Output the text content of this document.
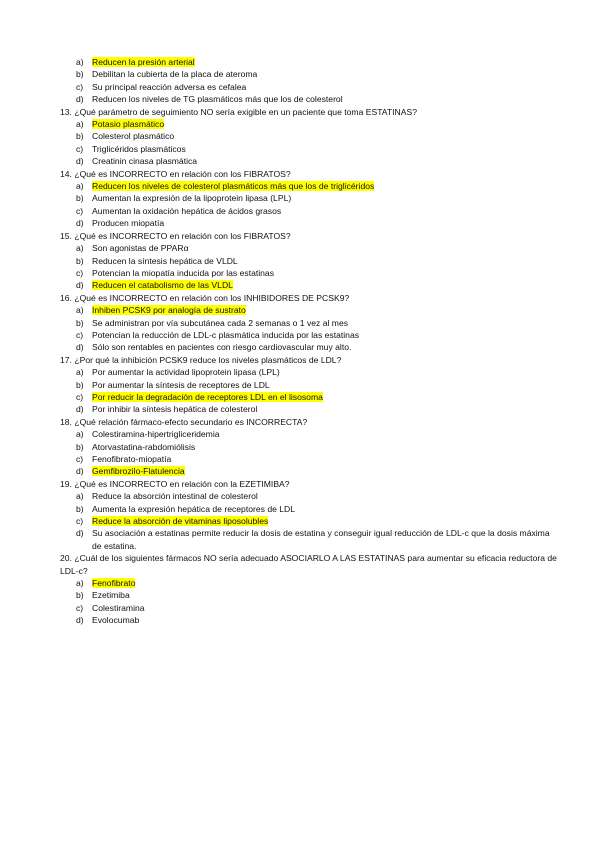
a) Reducen la presión arterial
b) Debilitan la cubierta de la placa de ateroma
c)	Su principal reacción adversa es cefalea
d) Reducen los niveles de TG plasmáticos más que los de colesterol
13. ¿Qué parámetro de seguimiento NO sería exigible en un paciente que toma ESTATINAS?
a) Potasio plasmático
b) Colesterol plasmático
c)	Triglicéridos plasmáticos
d) Creatinin cinasa plasmática
14. ¿Qué es INCORRECTO en relación con los FIBRATOS?
a) Reducen los niveles de colesterol plasmáticos más que los de triglicéridos
b) Aumentan la expresión de la lipoprotein lipasa (LPL)
c)	Aumentan la oxidación hepática de ácidos grasos
d) Producen miopatía
15. ¿Qué es INCORRECTO en relación con los FIBRATOS?
a) Son agonistas de PPARα
b) Reducen la síntesis hepática de VLDL
c)	Potencian la miopatía inducida por las estatinas
d) Reducen el catabolismo de las VLDL
16. ¿Qué es INCORRECTO en relación con los INHIBIDORES DE PCSK9?
a) Inhiben PCSK9 por analogía de sustrato
b) Se administran por vía subcutánea cada 2 semanas o 1 vez al mes
c)	Potencian la reducción de LDL-c plasmática inducida por las estatinas
d) Sólo son rentables en pacientes con riesgo cardiovascular muy alto.
17. ¿Por qué la inhibición PCSK9 reduce los niveles plasmáticos de LDL?
a) Por aumentar la actividad lipoprotein lipasa (LPL)
b) Por aumentar la síntesis de receptores de LDL
c)	Por reducir la degradación de receptores LDL en el lisosoma
d) Por inhibir la síntesis hepática de colesterol
18. ¿Qué relación fármaco-efecto secundario es INCORRECTA?
a) Colestiramina-hipertrigliceridemia
b) Atorvastatina-rabdomiólisis
c)	Fenofibrato-miopatía
d) Gemfibrozilo-Flatulencia
19. ¿Qué es INCORRECTO en relación con la EZETIMIBA?
a) Reduce la absorción intestinal de colesterol
b) Aumenta la expresión hepática de receptores de LDL
c)	Reduce la absorción de vitaminas liposolubles
d) Su asociación a estatinas permite reducir la dosis de estatina y conseguir igual reducción de LDL-c que la dosis máxima de estatina.
20. ¿Cuál de los siguientes fármacos NO sería adecuado ASOCIARLO A LAS ESTATINAS para aumentar su eficacia reductora de LDL-c?
a) Fenofibrato
b) Ezetimiba
c)	Colestiramina
d) Evolocumab
